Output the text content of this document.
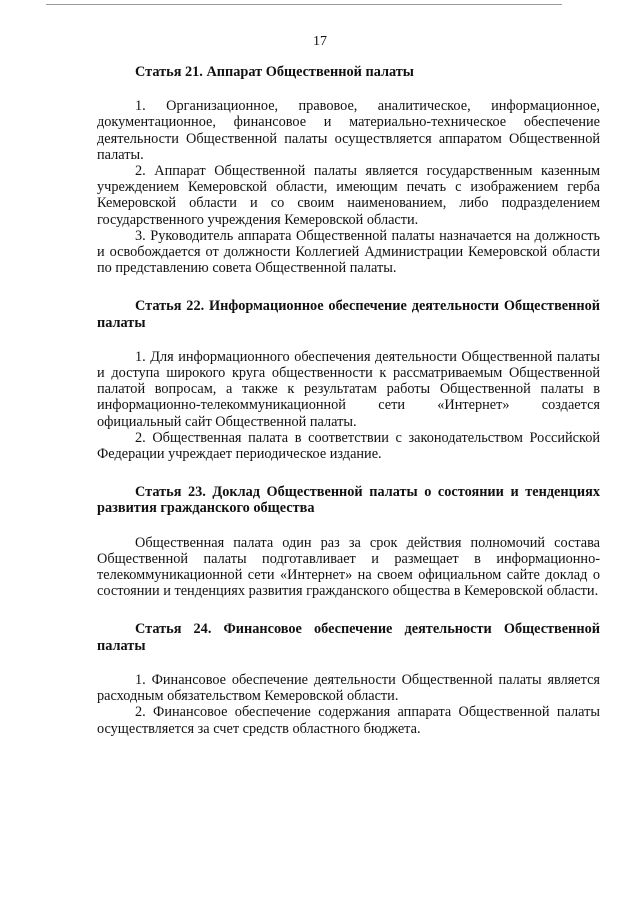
17

Статья 21. Аппарат Общественной палаты

1. Организационное, правовое, аналитическое, информационное, документационное, финансовое и материально-техническое обеспечение деятельности Общественной палаты осуществляется аппаратом Общественной палаты.

2. Аппарат Общественной палаты является государственным казенным учреждением Кемеровской области, имеющим печать с изображением герба Кемеровской области и со своим наименованием, либо подразделением государственного учреждения Кемеровской области.

3. Руководитель аппарата Общественной палаты назначается на должность и освобождается от должности Коллегией Администрации Кемеровской области по представлению совета Общественной палаты.

Статья 22. Информационное обеспечение деятельности Общественной палаты

1. Для информационного обеспечения деятельности Общественной палаты и доступа широкого круга общественности к рассматриваемым Общественной палатой вопросам, а также к результатам работы Общественной палаты в информационно-телекоммуникационной сети «Интернет» создается официальный сайт Общественной палаты.

2. Общественная палата в соответствии с законодательством Российской Федерации учреждает периодическое издание.

Статья 23. Доклад Общественной палаты о состоянии и тенденциях развития гражданского общества

Общественная палата один раз за срок действия полномочий состава Общественной палаты подготавливает и размещает в информационно-телекоммуникационной сети «Интернет» на своем официальном сайте доклад о состоянии и тенденциях развития гражданского общества в Кемеровской области.

Статья 24. Финансовое обеспечение деятельности Общественной палаты

1. Финансовое обеспечение деятельности Общественной палаты является расходным обязательством Кемеровской области.

2. Финансовое обеспечение содержания аппарата Общественной палаты осуществляется за счет средств областного бюджета.
